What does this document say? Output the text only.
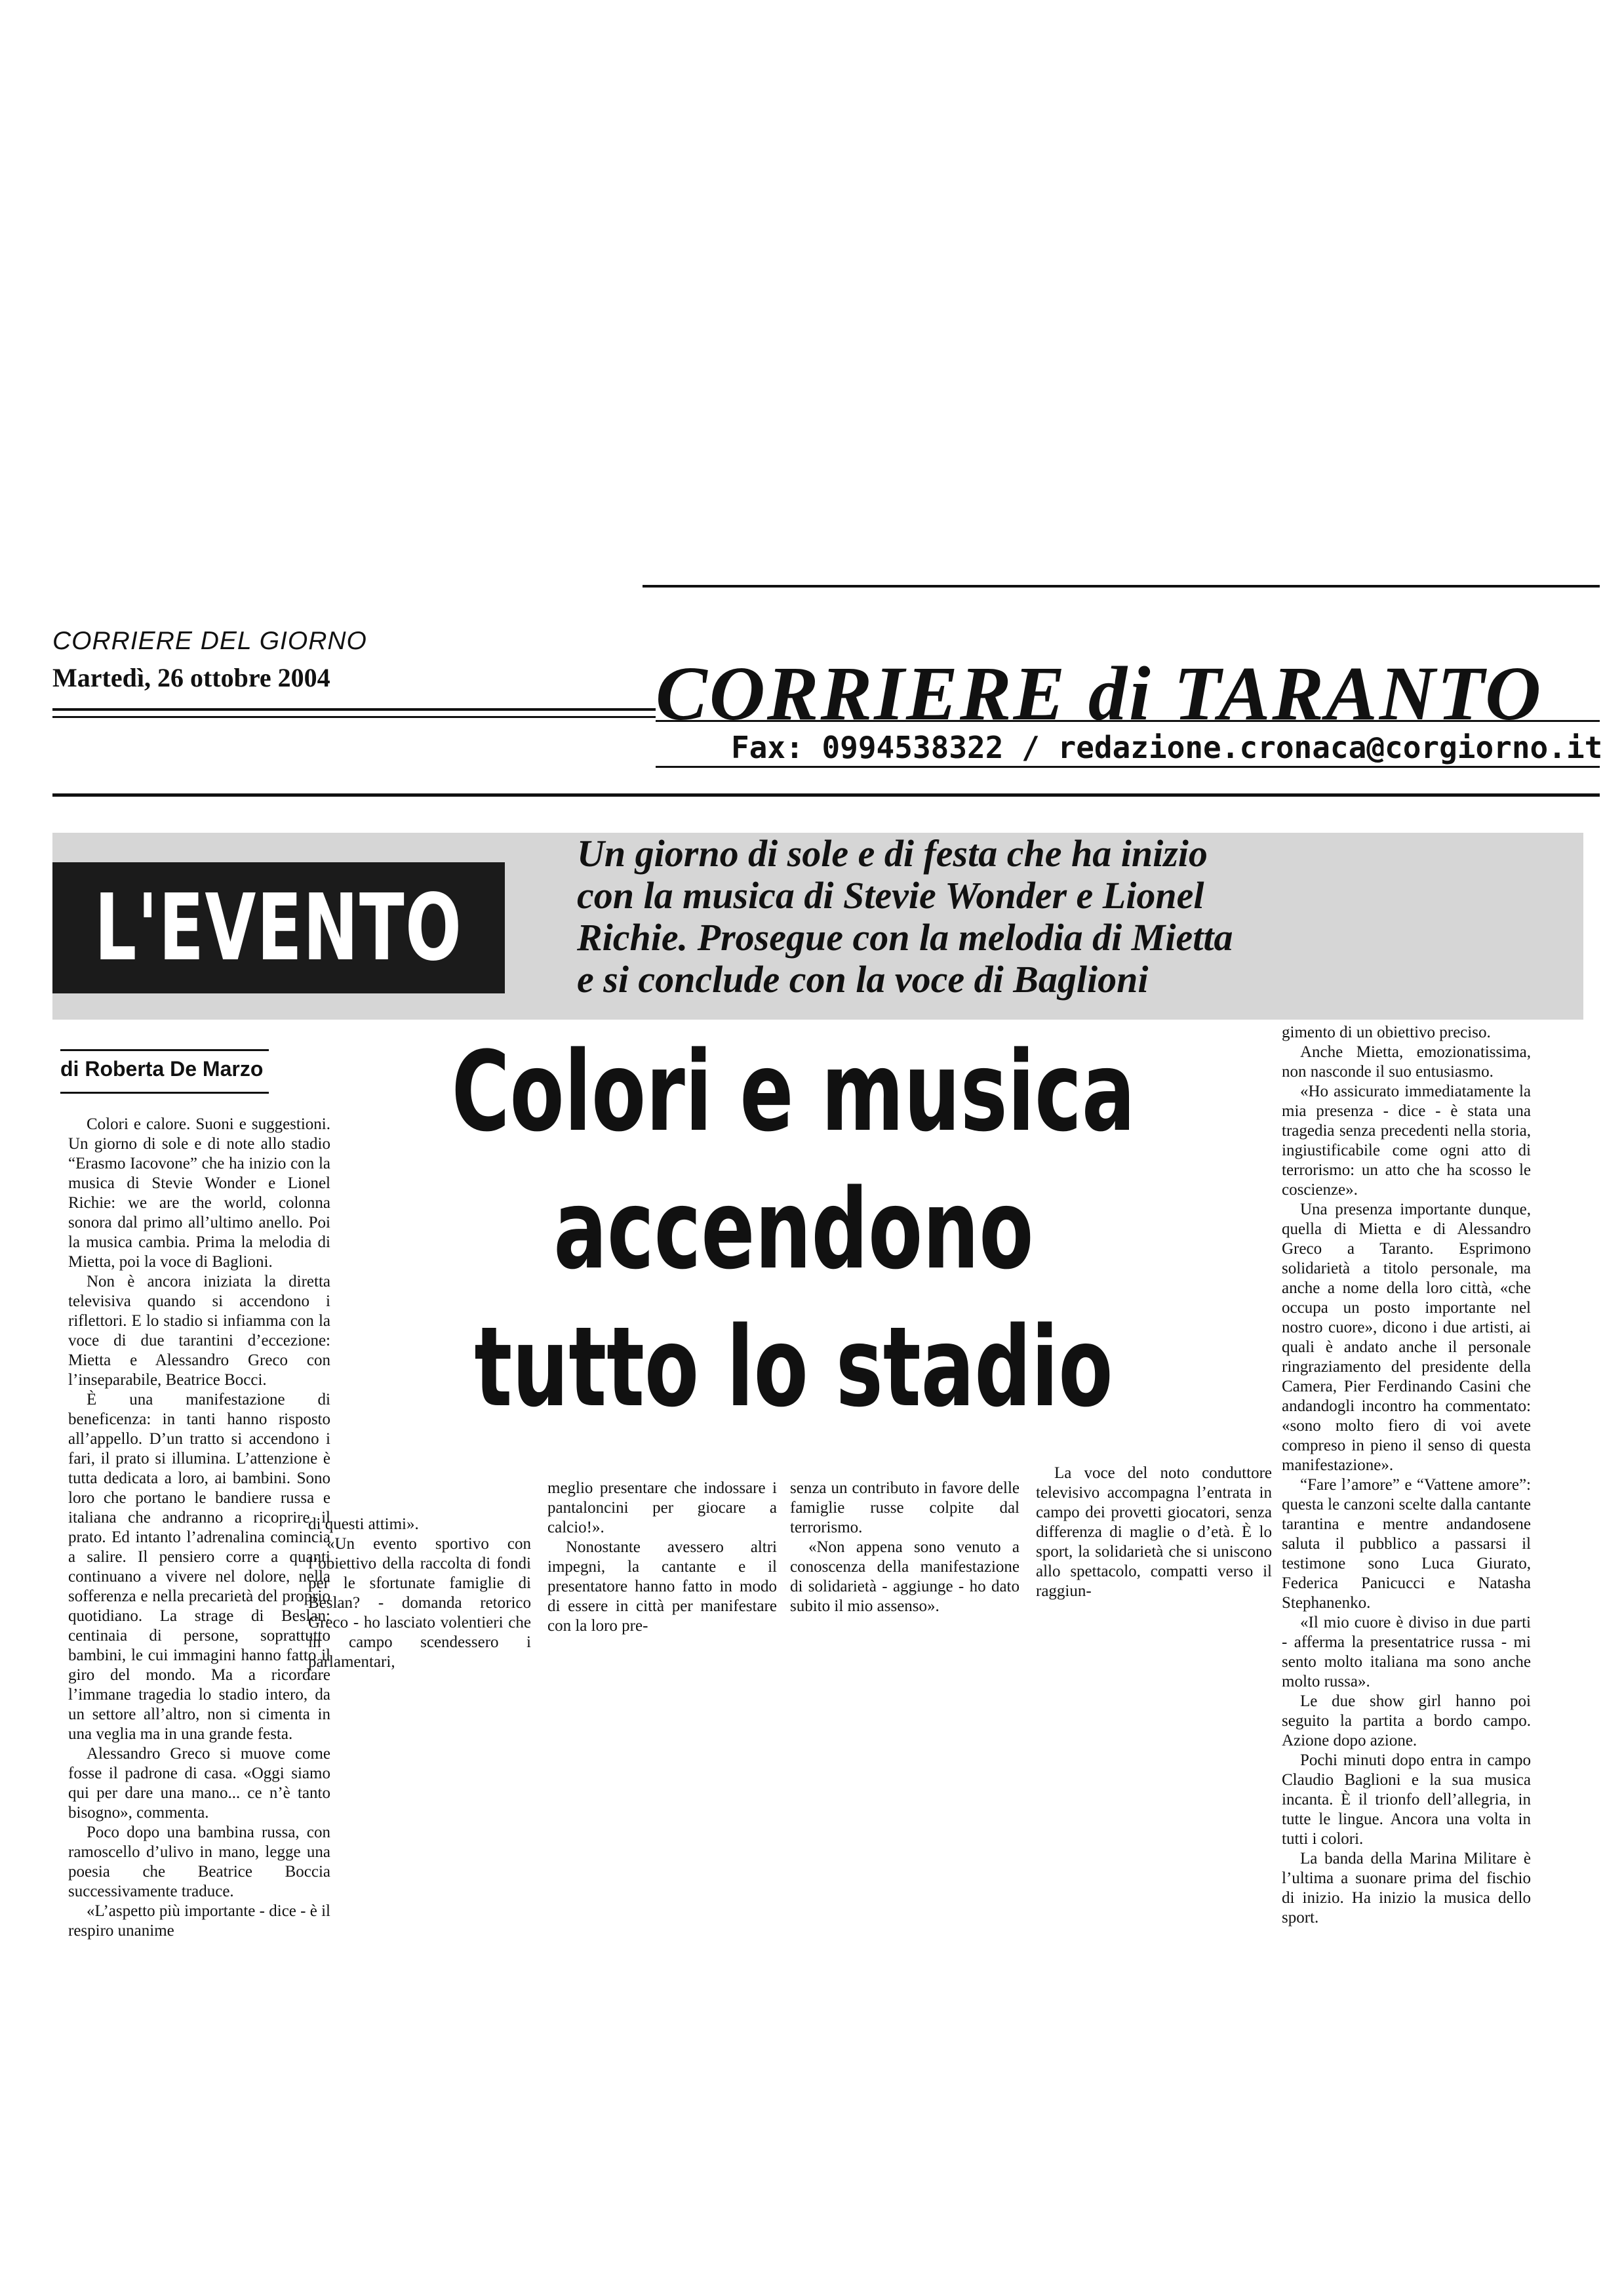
CORRIERE DEL GIORNO
Martedì, 26 ottobre 2004	CORRIERE di TARANTO
Fax: 0994538322 / redazione.cronaca@corgiorno.it
L'EVENTO
Un giorno di sole e di festa che ha inizio
con la musica di Stevie Wonder e Lionel
Richie. Prosegue con la melodia di Mietta
e si conclude con la voce di Baglioni
di Roberta De Marzo	Colori e musica
accendono
tutto lo stadio

Colori e calore. Suoni e suggestioni. Un giorno di sole e di note allo stadio “Erasmo Iacovone” che ha inizio con la musica di Stevie Wonder e Lionel Richie: we are the world, colonna sonora dal primo all’ultimo anello. Poi la musica cambia. Prima la melodia di Mietta, poi la voce di Baglioni.

Non è ancora iniziata la diretta televisiva quando si accendono i riflettori. E lo stadio si infiamma con la voce di due tarantini d’eccezione: Mietta e Alessandro Greco con l’inseparabile, Beatrice Bocci.

È una manifestazione di beneficenza: in tanti hanno risposto all’appello. D’un tratto si accendono i fari, il prato si illumina. L’attenzione è tutta dedicata a loro, ai bambini. Sono loro che portano le bandiere russa e italiana che andranno a ricoprire il prato. Ed intanto l’adrenalina comincia a salire. Il pensiero corre a quanti continuano a vivere nel dolore, nella sofferenza e nella precarietà del proprio quotidiano. La strage di Beslan: centinaia di persone, soprattutto bambini, le cui immagini hanno fatto il giro del mondo. Ma a ricordare l’immane tragedia lo stadio intero, da un settore all’altro, non si cimenta in una veglia ma in una grande festa.

Alessandro Greco si muove come fosse il padrone di casa. «Oggi siamo qui per dare una mano... ce n’è tanto bisogno», commenta.

Poco dopo una bambina russa, con ramoscello d’ulivo in mano, legge una poesia che Beatrice Boccia successivamente traduce.

«L’aspetto più importante - dice - è il respiro unanime

di questi attimi».

«Un evento sportivo con l’obiettivo della raccolta di fondi per le sfortunate famiglie di Beslan? - domanda retorico Greco - ho lasciato volentieri che in campo scendessero i parlamentari,

meglio presentare che indossare i pantaloncini per giocare a calcio!».

Nonostante avessero altri impegni, la cantante e il presentatore hanno fatto in modo di essere in città per manifestare con la loro pre-

senza un contributo in favore delle famiglie russe colpite dal terrorismo.

«Non appena sono venuto a conoscenza della manifestazione di solidarietà - aggiunge - ho dato subito il mio assenso».

La voce del noto conduttore televisivo accompagna l’entrata in campo dei provetti giocatori, senza differenza di maglie o d’età. È lo sport, la solidarietà che si uniscono allo spettacolo, compatti verso il raggiun-

gimento di un obiettivo preciso.

Anche Mietta, emozionatissima, non nasconde il suo entusiasmo.

«Ho assicurato immediatamente la mia presenza - dice - è stata una tragedia senza precedenti nella storia, ingiustificabile come ogni atto di terrorismo: un atto che ha scosso le coscienze».

Una presenza importante dunque, quella di Mietta e di Alessandro Greco a Taranto. Esprimono solidarietà a titolo personale, ma anche a nome della loro città, «che occupa un posto importante nel nostro cuore», dicono i due artisti, ai quali è andato anche il personale ringraziamento del presidente della Camera, Pier Ferdinando Casini che andandogli incontro ha commentato: «sono molto fiero di voi avete compreso in pieno il senso di questa manifestazione».

“Fare l’amore” e “Vattene amore”: questa le canzoni scelte dalla cantante tarantina e mentre andandosene saluta il pubblico a passarsi il testimone sono Luca Giurato, Federica Panicucci e Natasha Stephanenko.

«Il mio cuore è diviso in due parti - afferma la presentatrice russa - mi sento molto italiana ma sono anche molto russa».

Le due show girl hanno poi seguito la partita a bordo campo. Azione dopo azione.

Pochi minuti dopo entra in campo Claudio Baglioni e la sua musica incanta. È il trionfo dell’allegria, in tutte le lingue. Ancora una volta in tutti i colori.

La banda della Marina Militare è l’ultima a suonare prima del fischio di inizio. Ha inizio la musica dello sport.
